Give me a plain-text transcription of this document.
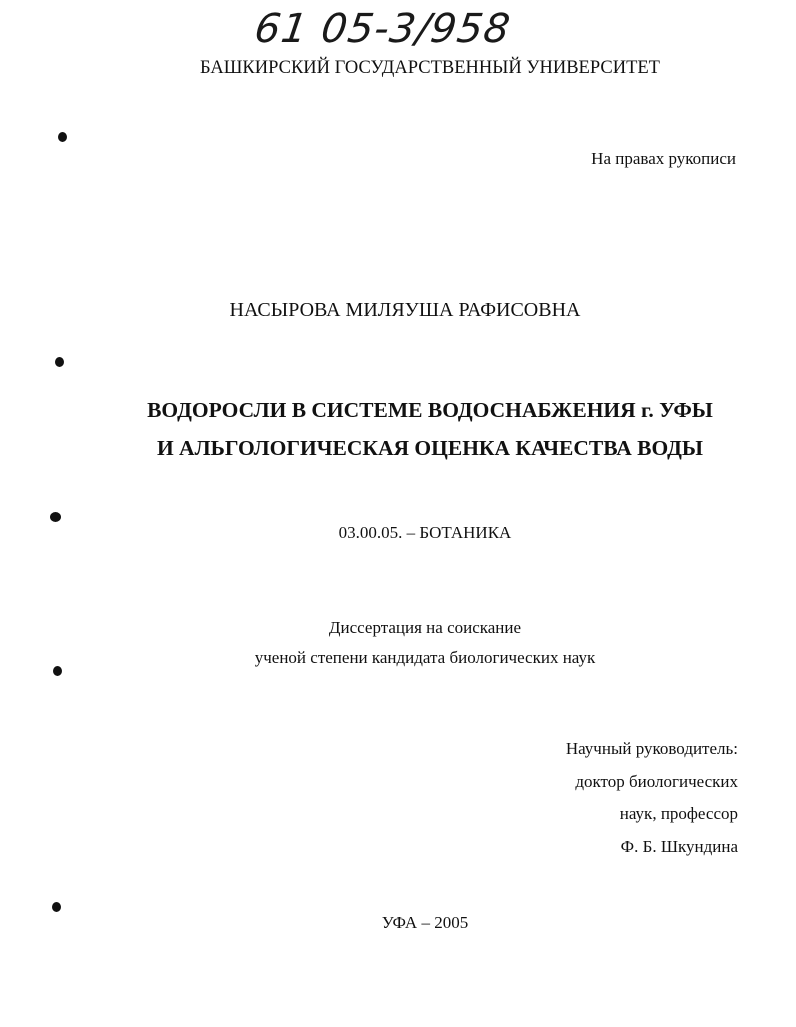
61 05-3/958
БАШКИРСКИЙ ГОСУДАРСТВЕННЫЙ УНИВЕРСИТЕТ
На правах рукописи
НАСЫРОВА МИЛЯУША РАФИСОВНА
ВОДОРОСЛИ В СИСТЕМЕ ВОДОСНАБЖЕНИЯ г. УФЫ
И АЛЬГОЛОГИЧЕСКАЯ ОЦЕНКА КАЧЕСТВА ВОДЫ
03.00.05. – БОТАНИКА
Диссертация на соискание
ученой степени кандидата биологических наук
Научный руководитель:
доктор биологических
наук, профессор
Ф. Б. Шкундина
УФА – 2005
